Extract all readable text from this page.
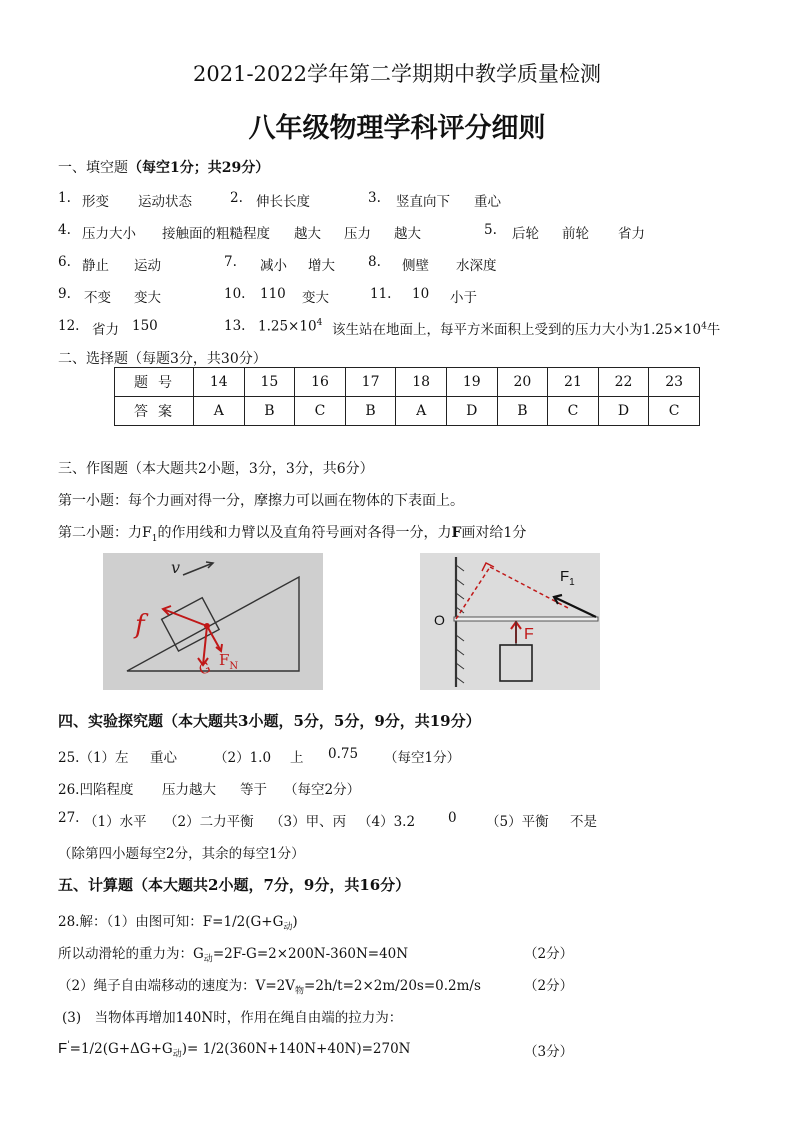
2021-2022学年第二学期期中教学质量检测
八年级物理学科评分细则
一、填空题（每空1分；共29分）
1. 形变 运动状态	2. 伸长长度	3. 竖直向下 重心
4. 压力大小 接触面的粗糙程度 越大 压力 越大	5. 后轮 前轮 省力
6. 静止 运动	7. 减小 增大 8. 侧壁 水深度
9. 不变 变大	10. 110 变大	11. 10 小于
12. 省力 150	13. $1.25\times 10^4$ 该生站在地面上，每平方米面积上受到的压力大小为$1.25\times 10^4$牛
二、选择题（每题3分，共30分）
题号	14	15	16	17	18	19	20	21	22	23
答案	A	B	C	B	A	D	B	C	D	C
三、作图题（本大题共2小题，3分，3分，共6分）
第一小题：每个力画对得一分，摩擦力可以画在物体的下表面上。
第二小题：力$F_1$的作用线和力臂以及直角符号画对各得一分，力F画对给1分
v
f
G $F_N$
O
$F_1$
F
四、实验探究题（本大题共3小题，5分，5分，9分，共19分）
25.（1）左 重心	（2）1.0 上 0.75 （每空1分）
26.凹陷程度 压力越大 等于 （每空2分）
27. （1）水平 （2）二力平衡 （3）甲、丙 （4）3.2 0 （5）平衡 不是
（除第四小题每空2分，其余的每空1分）
五、计算题（本大题共2小题，7分，9分，共16分）
28.解：（1）由图可知：$F=1/2(G+G_动)$
所以动滑轮的重力为：$G_动=2F-G=2\times 200N-360N=40N$	（2分）
（2）绳子自由端移动的速度为：$V=2V_物=2h/t=2\times 2m/20s=0.2m/s$	（2分）
(3)　当物体再增加140N时，作用在绳自由端的拉力为：
$F'=1/2(G+\Delta G+G_动)= 1/2(360N+140N+40N)=270N$	（3分）
